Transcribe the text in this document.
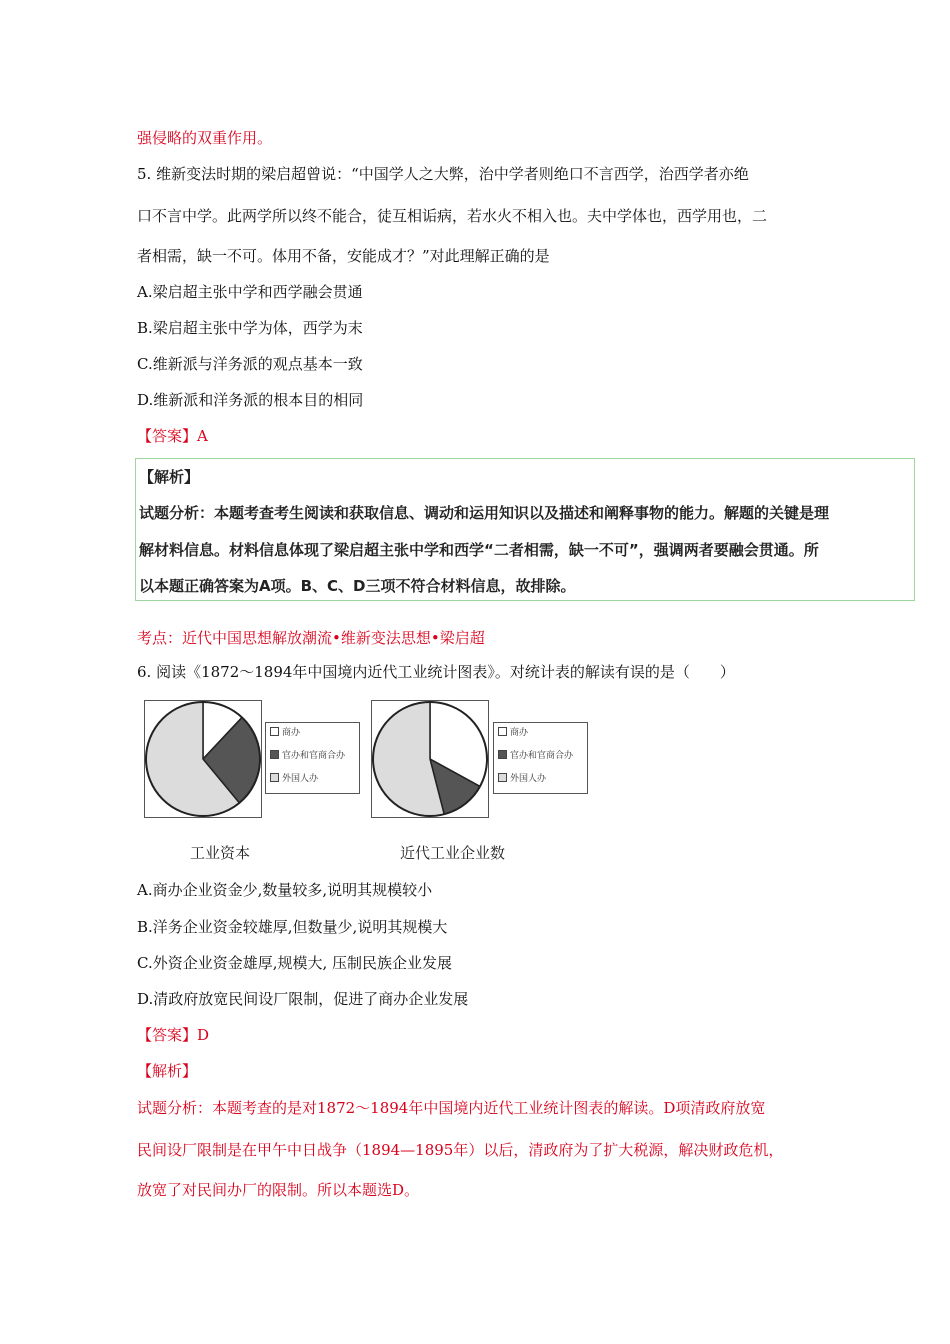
强侵略的双重作用。
5. 维新变法时期的梁启超曾说：“中国学人之大弊，治中学者则绝口不言西学，治西学者亦绝
口不言中学。此两学所以终不能合，徒互相诟病，若水火不相入也。夫中学体也，西学用也，二
者相需，缺一不可。体用不备，安能成才？”对此理解正确的是
A.梁启超主张中学和西学融会贯通
B.梁启超主张中学为体，西学为末
C.维新派与洋务派的观点基本一致
D.维新派和洋务派的根本目的相同
【答案】A
【解析】
试题分析：本题考查考生阅读和获取信息、调动和运用知识以及描述和阐释事物的能力。解题的关键是理
解材料信息。材料信息体现了梁启超主张中学和西学“二者相需，缺一不可”，强调两者要融会贯通。所
以本题正确答案为A项。B、C、D三项不符合材料信息，故排除。
考点：近代中国思想解放潮流•维新变法思想•梁启超
6. 阅读《1872～1894年中国境内近代工业统计图表》。对统计表的解读有误的是（　　）
商办
官办和官商合办
外国人办
工业资本
商办
官办和官商合办
外国人办
近代工业企业数
A.商办企业资金少,数量较多,说明其规模较小
B.洋务企业资金较雄厚,但数量少,说明其规模大
C.外资企业资金雄厚,规模大, 压制民族企业发展
D.清政府放宽民间设厂限制，促进了商办企业发展
【答案】D
【解析】
试题分析：本题考查的是对1872～1894年中国境内近代工业统计图表的解读。D项清政府放宽
民间设厂限制是在甲午中日战争（1894—1895年）以后，清政府为了扩大税源，解决财政危机，
放宽了对民间办厂的限制。所以本题选D。
